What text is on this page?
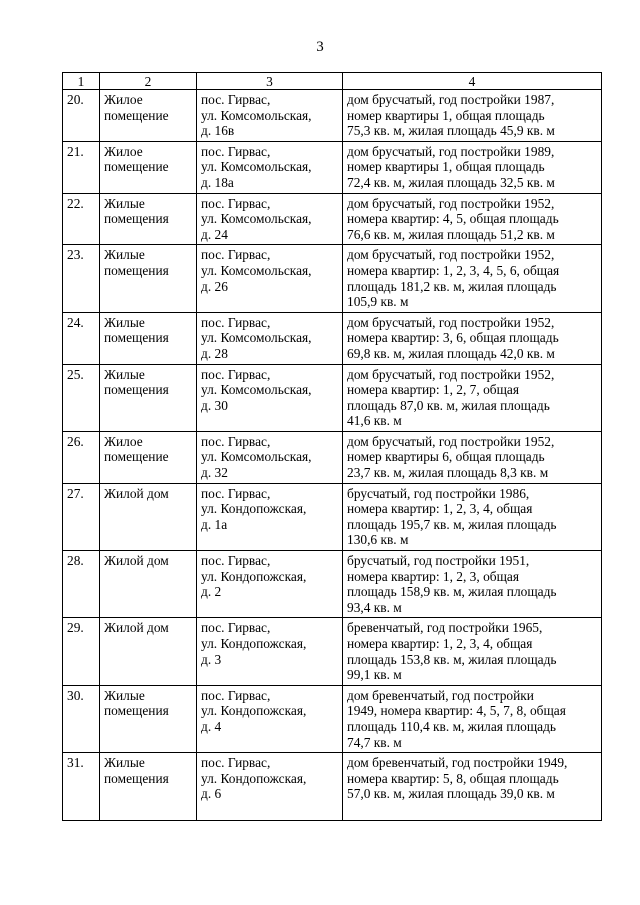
3
1	2	3	4
20.	Жилое
помещение	пос. Гирвас,
ул. Комсомольская,
д. 16в	дом брусчатый, год постройки 1987,
номер квартиры 1, общая площадь
75,3 кв. м, жилая площадь 45,9 кв. м

21.	Жилое
помещение	пос. Гирвас,
ул. Комсомольская,
д. 18а	дом брусчатый, год постройки 1989,
номер квартиры 1, общая площадь
72,4 кв. м, жилая площадь 32,5 кв. м

22.	Жилые
помещения	пос. Гирвас,
ул. Комсомольская,
д. 24	дом брусчатый, год постройки 1952,
номера квартир: 4, 5, общая площадь
76,6 кв. м, жилая площадь 51,2 кв. м

23.	Жилые
помещения	пос. Гирвас,
ул. Комсомольская,
д. 26	дом брусчатый, год постройки 1952,
номера квартир: 1, 2, 3, 4, 5, 6, общая
площадь 181,2 кв. м, жилая площадь
105,9 кв. м

24.	Жилые
помещения	пос. Гирвас,
ул. Комсомольская,
д. 28	дом брусчатый, год постройки 1952,
номера квартир: 3, 6, общая площадь
69,8 кв. м, жилая площадь 42,0 кв. м

25.	Жилые
помещения	пос. Гирвас,
ул. Комсомольская,
д. 30	дом брусчатый, год постройки 1952,
номера квартир: 1, 2, 7, общая
площадь 87,0 кв. м, жилая площадь
41,6 кв. м

26.	Жилое
помещение	пос. Гирвас,
ул. Комсомольская,
д. 32	дом брусчатый, год постройки 1952,
номер квартиры 6, общая площадь
23,7 кв. м, жилая площадь 8,3 кв. м

27.	Жилой дом	пос. Гирвас,
ул. Кондопожская,
д. 1а	брусчатый, год постройки 1986,
номера квартир: 1, 2, 3, 4, общая
площадь 195,7 кв. м, жилая площадь
130,6 кв. м

28.	Жилой дом	пос. Гирвас,
ул. Кондопожская,
д. 2	брусчатый, год постройки 1951,
номера квартир: 1, 2, 3, общая
площадь 158,9 кв. м, жилая площадь
93,4 кв. м

29.	Жилой дом	пос. Гирвас,
ул. Кондопожская,
д. 3	бревенчатый, год постройки 1965,
номера квартир: 1, 2, 3, 4, общая
площадь 153,8 кв. м, жилая площадь
99,1 кв. м

30.	Жилые
помещения	пос. Гирвас,
ул. Кондопожская,
д. 4	дом бревенчатый, год постройки
1949, номера квартир: 4, 5, 7, 8, общая
площадь 110,4 кв. м, жилая площадь
74,7 кв. м

31.	Жилые
помещения	пос. Гирвас,
ул. Кондопожская,
д. 6	дом бревенчатый, год постройки 1949,
номера квартир: 5, 8, общая площадь
57,0 кв. м, жилая площадь 39,0 кв. м
